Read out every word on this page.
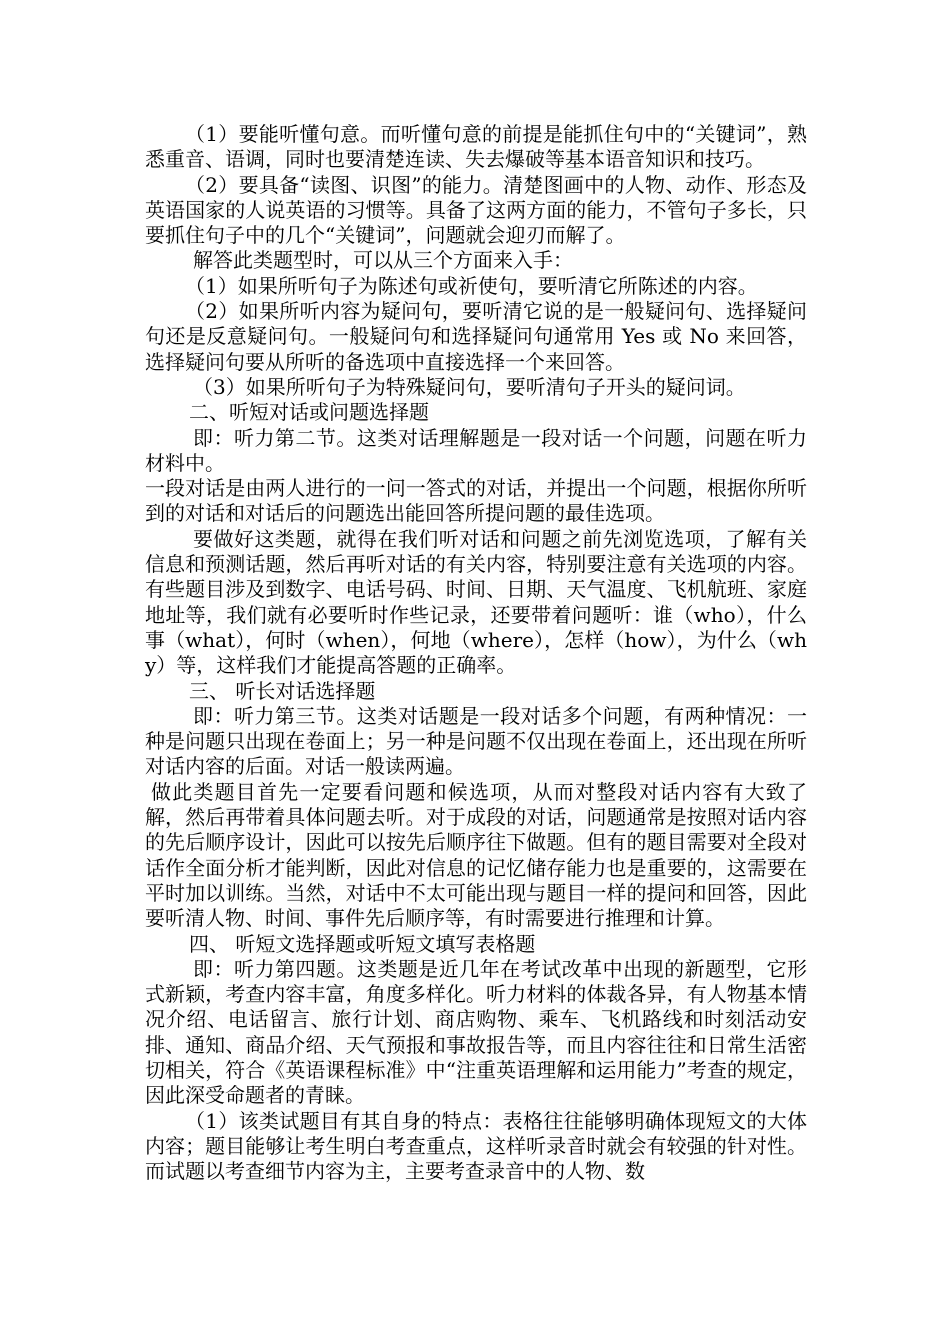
（1）要能听懂句意。而听懂句意的前提是能抓住句中的“关键词”，熟悉重音、语调，同时也要清楚连读、失去爆破等基本语音知识和技巧。

（2）要具备“读图、识图”的能力。清楚图画中的人物、动作、形态及英语国家的人说英语的习惯等。具备了这两方面的能力，不管句子多长，只要抓住句子中的几个“关键词”，问题就会迎刃而解了。

解答此类题型时，可以从三个方面来入手：

（1）如果所听句子为陈述句或祈使句，要听清它所陈述的内容。

（2）如果所听内容为疑问句，要听清它说的是一般疑问句、选择疑问句还是反意疑问句。一般疑问句和选择疑问句通常用 Yes 或 No 来回答，选择疑问句要从所听的备选项中直接选择一个来回答。

（3）如果所听句子为特殊疑问句，要听清句子开头的疑问词。

二、听短对话或问题选择题

即：听力第二节。这类对话理解题是一段对话一个问题，问题在听力材料中。

一段对话是由两人进行的一问一答式的对话，并提出一个问题，根据你所听到的对话和对话后的问题选出能回答所提问题的最佳选项。

要做好这类题，就得在我们听对话和问题之前先浏览选项，了解有关信息和预测话题，然后再听对话的有关内容，特别要注意有关选项的内容。有些题目涉及到数字、电话号码、时间、日期、天气温度、飞机航班、家庭地址等，我们就有必要听时作些记录，还要带着问题听：谁（who），什么事（what），何时（when），何地（where），怎样（how），为什么（why）等，这样我们才能提高答题的正确率。

三、 听长对话选择题

即：听力第三节。这类对话题是一段对话多个问题，有两种情况：一种是问题只出现在卷面上；另一种是问题不仅出现在卷面上，还出现在所听对话内容的后面。对话一般读两遍。

做此类题目首先一定要看问题和候选项，从而对整段对话内容有大致了解，然后再带着具体问题去听。对于成段的对话，问题通常是按照对话内容的先后顺序设计，因此可以按先后顺序往下做题。但有的题目需要对全段对话作全面分析才能判断，因此对信息的记忆储存能力也是重要的，这需要在平时加以训练。当然，对话中不太可能出现与题目一样的提问和回答，因此要听清人物、时间、事件先后顺序等，有时需要进行推理和计算。

四、 听短文选择题或听短文填写表格题

即：听力第四题。这类题是近几年在考试改革中出现的新题型，它形式新颖，考查内容丰富，角度多样化。听力材料的体裁各异，有人物基本情况介绍、电话留言、旅行计划、商店购物、乘车、飞机路线和时刻活动安排、通知、商品介绍、天气预报和事故报告等，而且内容往往和日常生活密切相关，符合《英语课程标准》中“注重英语理解和运用能力”考查的规定，因此深受命题者的青睐。

（1）该类试题目有其自身的特点：表格往往能够明确体现短文的大体内容；题目能够让考生明白考查重点，这样听录音时就会有较强的针对性。而试题以考查细节内容为主，主要考查录音中的人物、数
